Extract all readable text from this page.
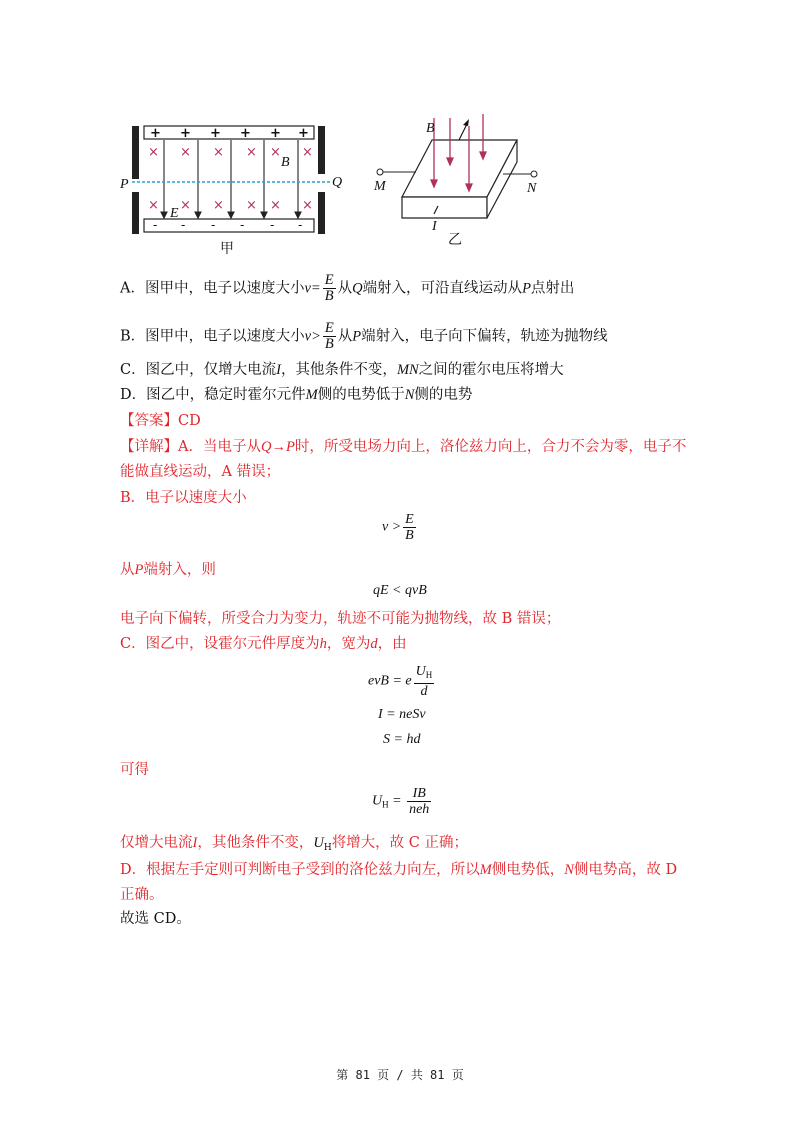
+ + + + + +
- - - - - -
× × × × × ×
× × × × × ×
B
P	Q
E
甲
B
M	N
I
乙
A．图甲中，电子以速度大小$v= \frac{E}{B}$ 从Q端射入，可沿直线运动从P点射出
B．图甲中，电子以速度大小$v> \frac{E}{B}$ 从P端射入，电子向下偏转，轨迹为抛物线
C．图乙中，仅增大电流I，其他条件不变，MN之间的霍尔电压将增大
D．图乙中，稳定时霍尔元件M侧的电势低于N侧的电势
【答案】CD
【详解】A．当电子从Q→P时，所受电场力向上，洛伦兹力向上，合力不会为零，电子不
能做直线运动，A 错误；
B．电子以速度大小
$v > \frac{E}{B}$
从P端射入，则
qE < qvB
电子向下偏转，所受合力为变力，轨迹不可能为抛物线，故 B 错误；
C．图乙中，设霍尔元件厚度为h，宽为d，由
evB = e $\frac{U_H}{d}$
I = neSv
S = hd
可得
$U_H = \frac{IB}{\text{neh}}$
仅增大电流I，其他条件不变，$U_H$将增大，故 C 正确；
D．根据左手定则可判断电子受到的洛伦兹力向左，所以M侧电势低，N侧电势高，故 D
正确。
故选 CD。
第 81 页 / 共 81 页
